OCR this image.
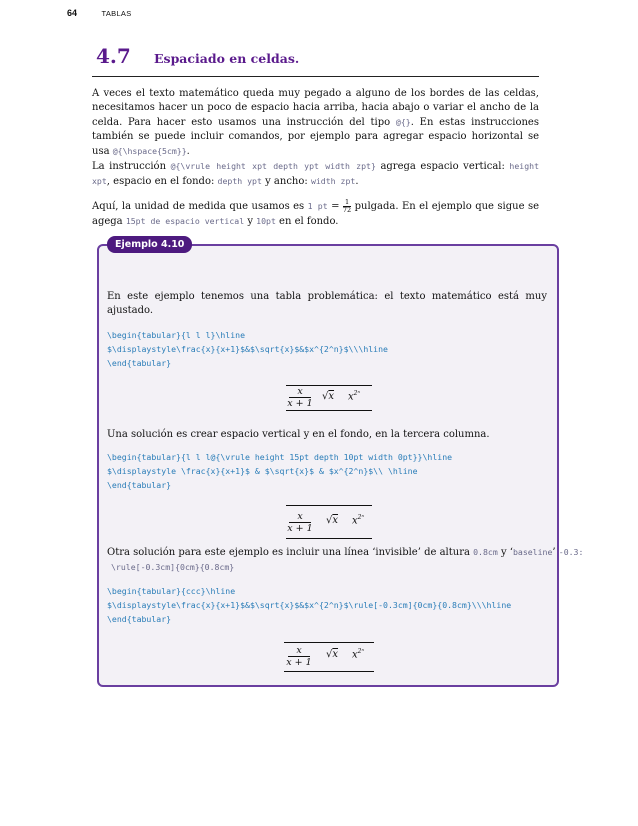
64	TABLAS
4.7 Espaciado en celdas.
A veces el texto matemático queda muy pegado a alguno de los bordes de las celdas, necesitamos hacer un poco de espacio hacia arriba, hacia abajo o variar el ancho de la celda. Para hacer esto usamos una instrucción del tipo @{}. En estas instrucciones también se puede incluir comandos, por ejemplo para agregar espacio horizontal se usa @{\hspace{5cm}}.
La instrucción @{\vrule height xpt depth ypt width zpt} agrega espacio vertical: height xpt, espacio en el fondo: depth ypt y ancho: width zpt.
Aquí, la unidad de medida que usamos es 1 pt = $\frac{1}{72}$ pulgada. En el ejemplo que sigue se agega 15pt de espacio vertical y 10pt en el fondo.
Ejemplo 4.10
En este ejemplo tenemos una tabla problemática: el texto matemático está muy ajustado.
\begin{tabular}{l l l}\hline
$\displaystyle\frac{x}{x+1}$&$\sqrt{x}$&$x^{2^n}$\\\hline
\end{tabular}
x
x + 1
√x $x^{2^n}$
Una solución es crear espacio vertical y en el fondo, en la tercera columna.
\begin{tabular}{l l l@{\vrule height 15pt depth 10pt width 0pt}}\hline
$\displaystyle \frac{x}{x+1}$ & $\sqrt{x}$ & $x^{2^n}$\\ \hline
\end{tabular}
x
x + 1
√x $x^{2^n}$
Otra solución para este ejemplo es incluir una línea ‘invisible’ de altura 0.8cm y ‘baseline’ -0.3:
\rule[-0.3cm]{0cm}{0.8cm}
\begin{tabular}{ccc}\hline
$\displaystyle\frac{x}{x+1}$&$\sqrt{x}$&$x^{2^n}$\rule[-0.3cm]{0cm}{0.8cm}\\\hline
\end{tabular}
x
x + 1
√x $x^{2^n}$
